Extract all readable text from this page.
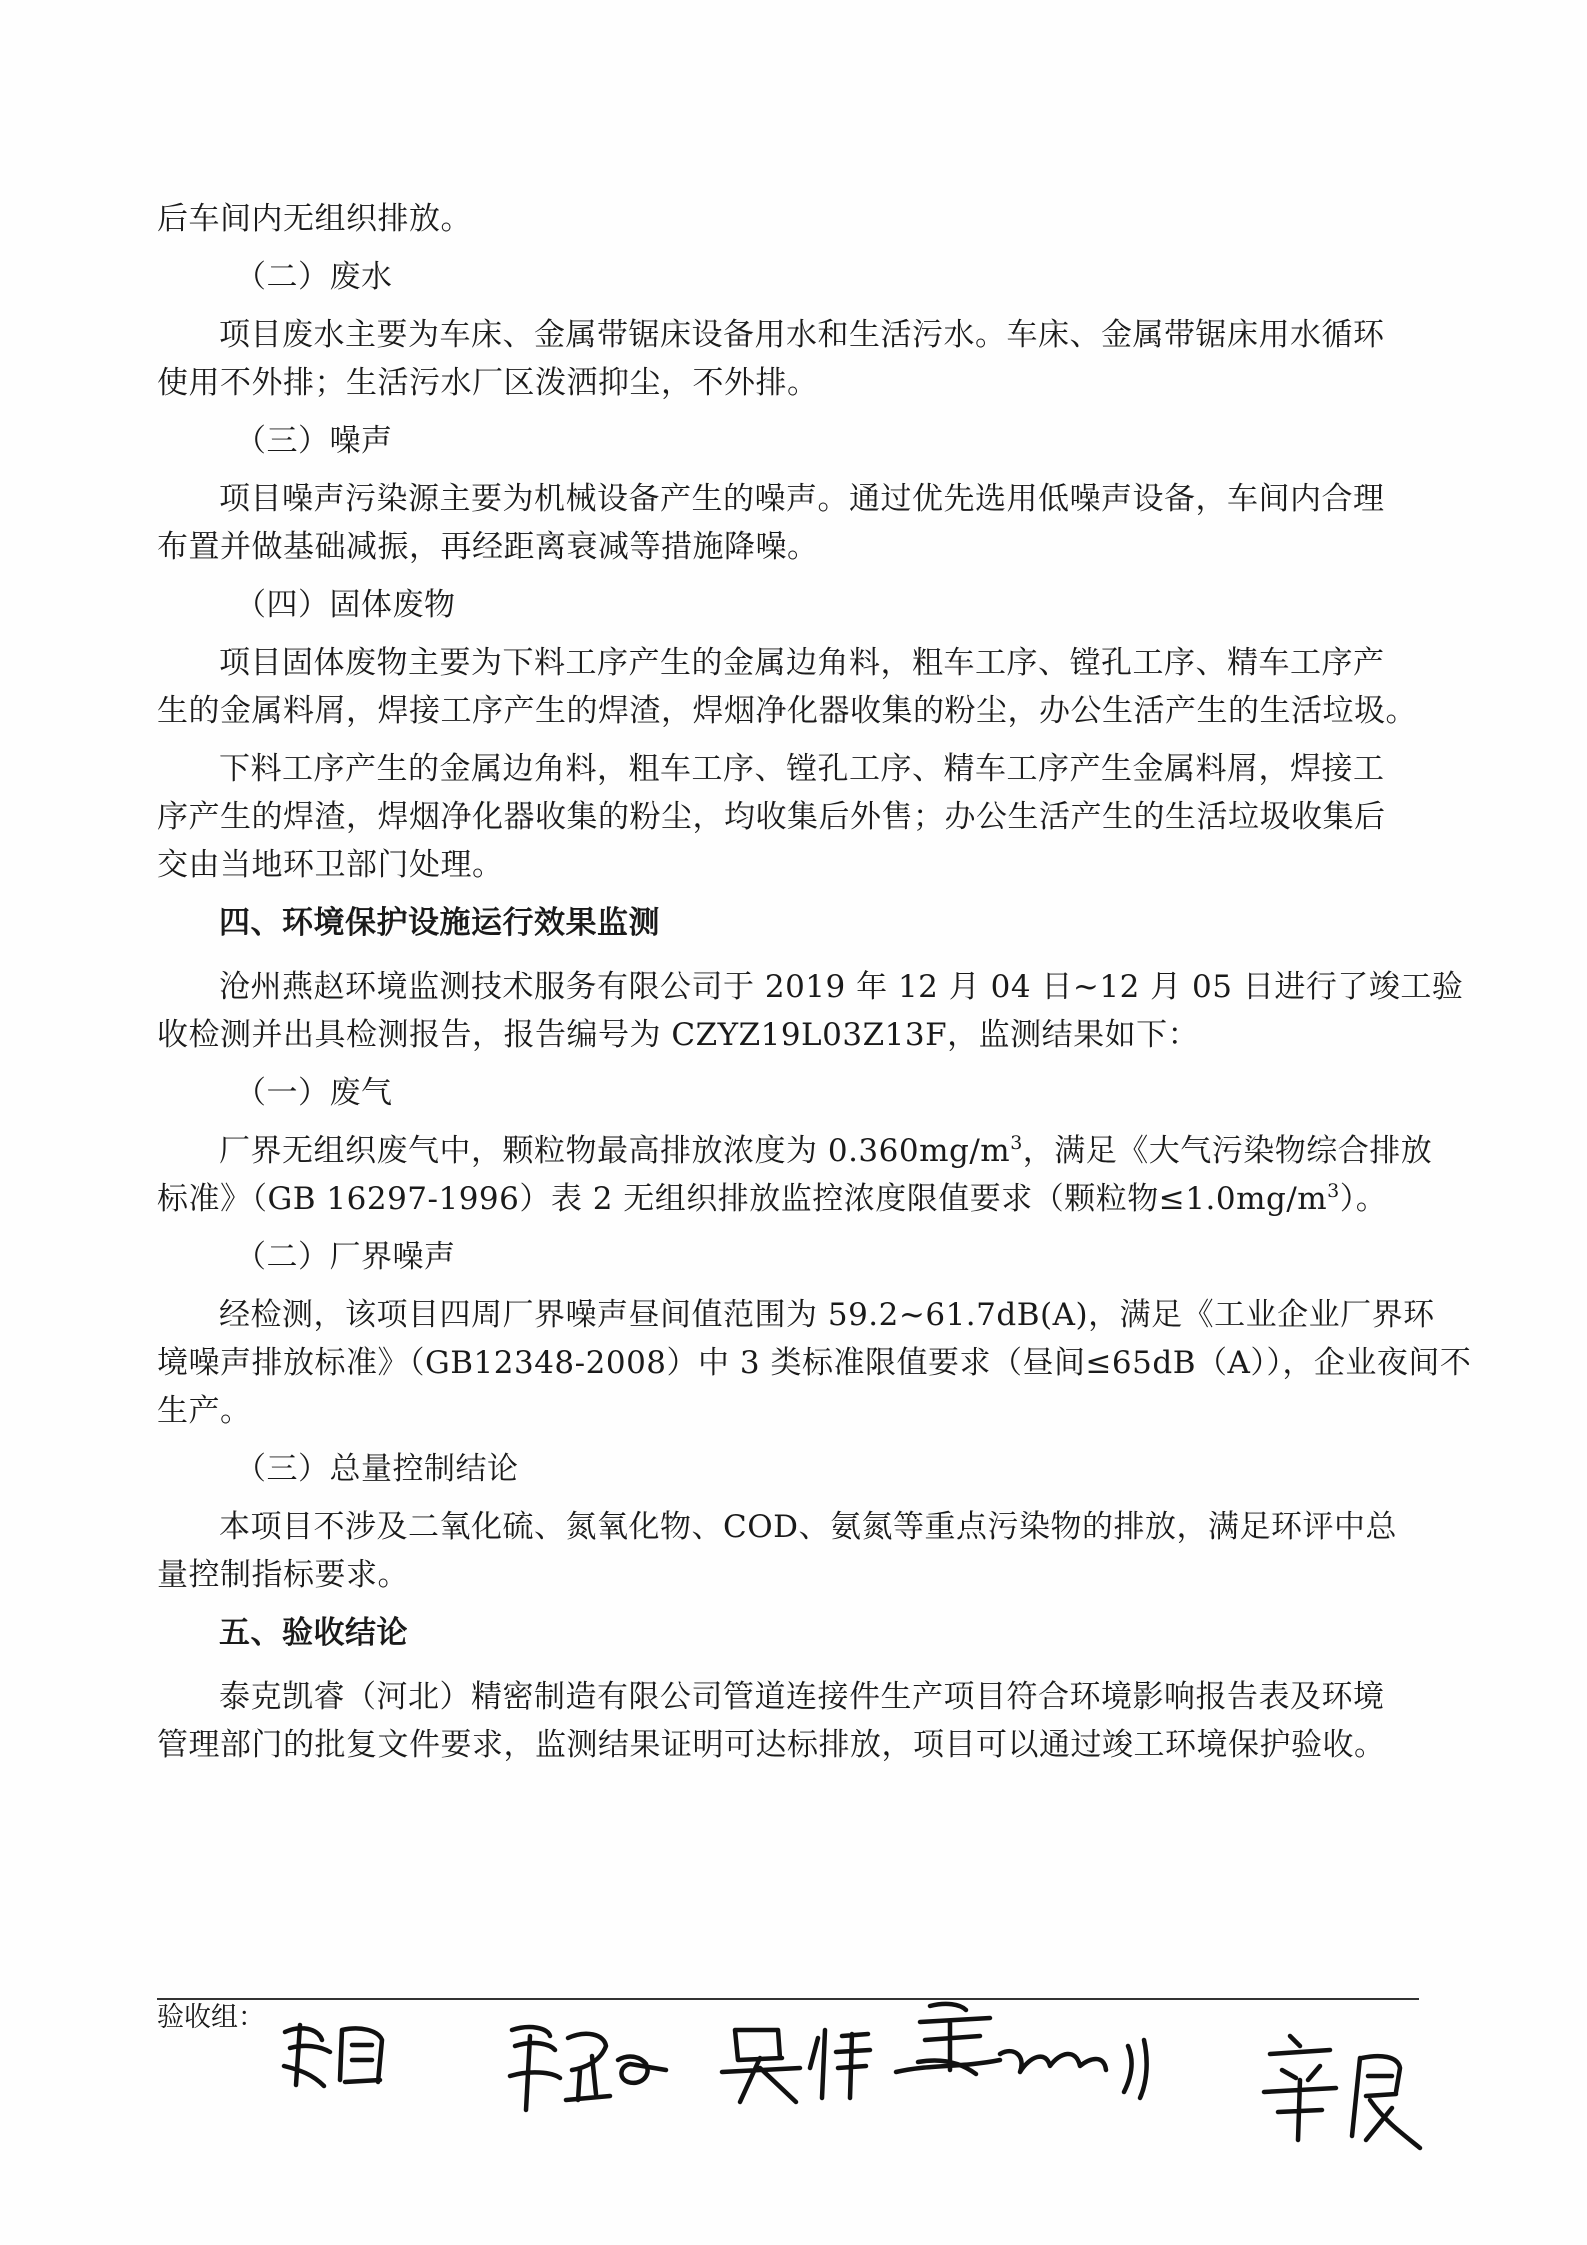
后车间内无组织排放。
（二）废水
项目废水主要为车床、金属带锯床设备用水和生活污水。车床、金属带锯床用水循环
使用不外排；生活污水厂区泼洒抑尘，不外排。
（三）噪声
项目噪声污染源主要为机械设备产生的噪声。通过优先选用低噪声设备，车间内合理
布置并做基础减振，再经距离衰减等措施降噪。
（四）固体废物
项目固体废物主要为下料工序产生的金属边角料，粗车工序、镗孔工序、精车工序产
生的金属料屑，焊接工序产生的焊渣，焊烟净化器收集的粉尘，办公生活产生的生活垃圾。
下料工序产生的金属边角料，粗车工序、镗孔工序、精车工序产生金属料屑，焊接工
序产生的焊渣，焊烟净化器收集的粉尘，均收集后外售；办公生活产生的生活垃圾收集后
交由当地环卫部门处理。
四、环境保护设施运行效果监测
沧州燕赵环境监测技术服务有限公司于 2019 年 12 月 04 日~12 月 05 日进行了竣工验
收检测并出具检测报告，报告编号为 CZYZ19L03Z13F，监测结果如下：
（一）废气
厂界无组织废气中，颗粒物最高排放浓度为 $0.360mg/m^3$，满足《大气污染物综合排放
标准》（GB 16297-1996）表 2 无组织排放监控浓度限值要求（颗粒物$\le 1.0mg/m^3$）。
（二）厂界噪声
经检测，该项目四周厂界噪声昼间值范围为 59.2~61.7dB(A)，满足《工业企业厂界环
境噪声排放标准》（GB12348-2008）中 3 类标准限值要求（昼间≤65dB（A）），企业夜间不
生产。
（三）总量控制结论
本项目不涉及二氧化硫、氮氧化物、COD、氨氮等重点污染物的排放，满足环评中总
量控制指标要求。
五、验收结论
泰克凯睿（河北）精密制造有限公司管道连接件生产项目符合环境影响报告表及环境
管理部门的批复文件要求，监测结果证明可达标排放，项目可以通过竣工环境保护验收。
验收组：
